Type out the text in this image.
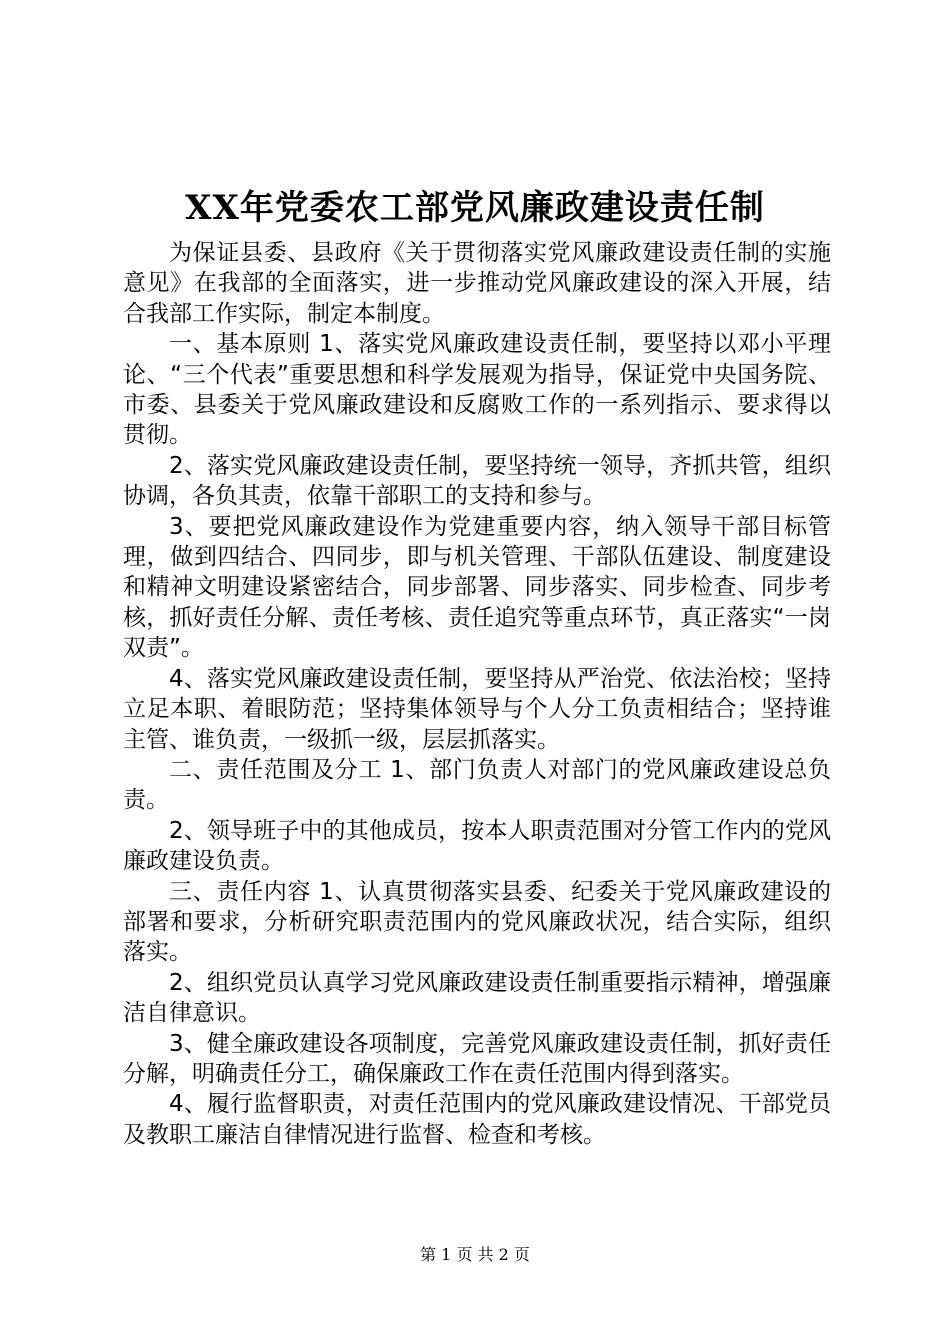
XX年党委农工部党风廉政建设责任制

为保证县委、县政府《关于贯彻落实党风廉政建设责任制的实施意见》在我部的全面落实，进一步推动党风廉政建设的深入开展，结合我部工作实际，制定本制度。

一、基本原则 1、落实党风廉政建设责任制，要坚持以邓小平理论、“三个代表”重要思想和科学发展观为指导，保证党中央国务院、市委、县委关于党风廉政建设和反腐败工作的一系列指示、要求得以贯彻。

2、落实党风廉政建设责任制，要坚持统一领导，齐抓共管，组织协调，各负其责，依靠干部职工的支持和参与。

3、要把党风廉政建设作为党建重要内容，纳入领导干部目标管理，做到四结合、四同步，即与机关管理、干部队伍建设、制度建设和精神文明建设紧密结合，同步部署、同步落实、同步检查、同步考核，抓好责任分解、责任考核、责任追究等重点环节，真正落实“一岗双责”。

4、落实党风廉政建设责任制，要坚持从严治党、依法治校；坚持立足本职、着眼防范；坚持集体领导与个人分工负责相结合；坚持谁主管、谁负责，一级抓一级，层层抓落实。

二、责任范围及分工 1、部门负责人对部门的党风廉政建设总负责。

2、领导班子中的其他成员，按本人职责范围对分管工作内的党风廉政建设负责。

三、责任内容 1、认真贯彻落实县委、纪委关于党风廉政建设的部署和要求，分析研究职责范围内的党风廉政状况，结合实际，组织落实。

2、组织党员认真学习党风廉政建设责任制重要指示精神，增强廉洁自律意识。

3、健全廉政建设各项制度，完善党风廉政建设责任制，抓好责任分解，明确责任分工，确保廉政工作在责任范围内得到落实。

4、履行监督职责，对责任范围内的党风廉政建设情况、干部党员及教职工廉洁自律情况进行监督、检查和考核。

第 1 页 共 2 页
